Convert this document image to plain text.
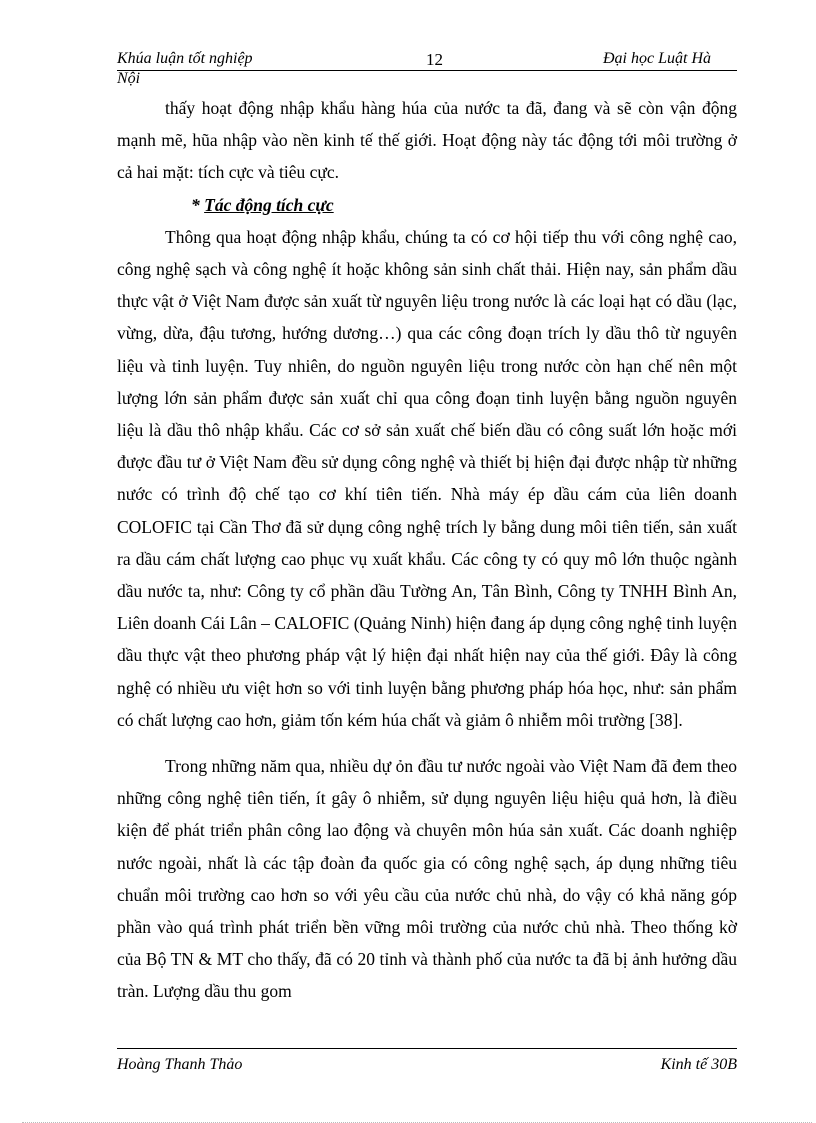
Khúa luận tốt nghiệp	12	Đại học Luật Hà
Nội

thấy hoạt động nhập khẩu hàng húa của nước ta đã, đang và sẽ còn vận động mạnh mẽ, hũa nhập vào nền kinh tế thế giới. Hoạt động này tác động tới môi trường ở cả hai mặt: tích cực và tiêu cực.

* Tác động tích cực

Thông qua hoạt động nhập khẩu, chúng ta có cơ hội tiếp thu với công nghệ cao, công nghệ sạch và công nghệ ít hoặc không sản sinh chất thải. Hiện nay, sản phẩm dầu thực vật ở Việt Nam được sản xuất từ nguyên liệu trong nước là các loại hạt có dầu (lạc, vừng, dừa, đậu tương, hướng dương…) qua các công đoạn trích ly dầu thô từ nguyên liệu và tinh luyện. Tuy nhiên, do nguồn nguyên liệu trong nước còn hạn chế nên một lượng lớn sản phẩm được sản xuất chỉ qua công đoạn tinh luyện bằng nguồn nguyên liệu là dầu thô nhập khẩu. Các cơ sở sản xuất chế biến dầu có công suất lớn hoặc mới được đầu tư ở Việt Nam đều sử dụng công nghệ và thiết bị hiện đại được nhập từ những nước có trình độ chế tạo cơ khí tiên tiến. Nhà máy ép dầu cám của liên doanh COLOFIC tại Cần Thơ đã sử dụng công nghệ trích ly bằng dung môi tiên tiến, sản xuất ra dầu cám chất lượng cao phục vụ xuất khẩu. Các công ty có quy mô lớn thuộc ngành dầu nước ta, như: Công ty cổ phần dầu Tường An, Tân Bình, Công ty TNHH Bình An, Liên doanh Cái Lân – CALOFIC (Quảng Ninh) hiện đang áp dụng công nghệ tinh luyện dầu thực vật theo phương pháp vật lý hiện đại nhất hiện nay của thế giới. Đây là công nghệ có nhiều ưu việt hơn so với tinh luyện bằng phương pháp hóa học, như: sản phẩm có chất lượng cao hơn, giảm tốn kém húa chất và giảm ô nhiễm môi trường [38].

Trong những năm qua, nhiều dự ỏn đầu tư nước ngoài vào Việt Nam đã đem theo những công nghệ tiên tiến, ít gây ô nhiễm, sử dụng nguyên liệu hiệu quả hơn, là điều kiện để phát triển phân công lao động và chuyên môn húa sản xuất. Các doanh nghiệp nước ngoài, nhất là các tập đoàn đa quốc gia có công nghệ sạch, áp dụng những tiêu chuẩn môi trường cao hơn so với yêu cầu của nước chủ nhà, do vậy có khả năng góp phần vào quá trình phát triển bền vững môi trường của nước chủ nhà. Theo thống kờ của Bộ TN & MT cho thấy, đã có 20 tỉnh và thành phố của nước ta đã bị ảnh hưởng dầu tràn. Lượng dầu thu gom

Hoàng Thanh Thảo	Kinh tế 30B
